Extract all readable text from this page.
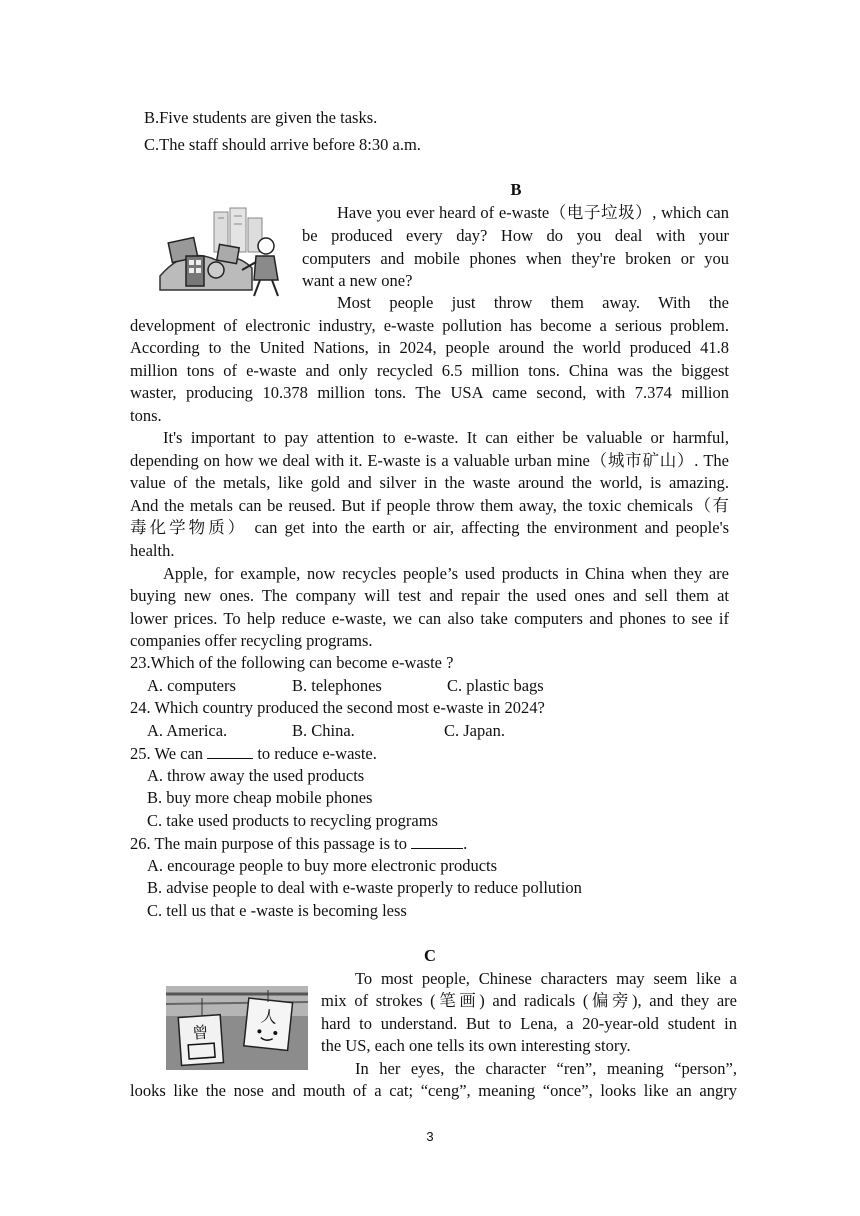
B.Five students are given the tasks.
C.The staff should arrive before 8:30 a.m.
B
Have you ever heard of e-waste（电子垃圾）, which can
be produced every day? How do you deal with your
computers and mobile phones when they're broken or you
want a new one?
Most people just throw them away. With the
development of electronic industry, e-waste pollution has become a serious problem.
According to the United Nations, in 2024, people around the world produced 41.8
million tons of e-waste and only recycled 6.5 million tons. China was the biggest
waster, producing 10.378 million tons. The USA came second, with 7.374 million
tons.
It's important to pay attention to e-waste. It can either be valuable or harmful,
depending on how we deal with it. E-waste is a valuable urban mine（城市矿山）. The
value of the metals, like gold and silver in the waste around the world, is amazing.
And the metals can be reused. But if people throw them away, the toxic chemicals（有
毒化学物质） can get into the earth or air, affecting the environment and people's
health.
Apple, for example, now recycles people’s used products in China when they are
buying new ones. The company will test and repair the used ones and sell them at
lower prices. To help reduce e-waste, we can also take computers and phones to see if
companies offer recycling programs.
23.Which of the following can become e-waste ?
A. computers	B. telephones	C. plastic bags
24. Which country produced the second most e-waste in 2024?
A. America.	B. China.	C. Japan.
25. We can	to reduce e-waste.
A. throw away the used products
B. buy more cheap mobile phones
C. take used products to recycling programs
26. The main purpose of this passage is to	.
A. encourage people to buy more electronic products
B. advise people to deal with e-waste properly to reduce pollution
C. tell us that e -waste is becoming less
C
曾
人
To most people, Chinese characters may seem like a
mix of strokes (笔画) and radicals (偏旁), and they are
hard to understand. But to Lena, a 20-year-old student in
the US, each one tells its own interesting story.
In her eyes, the character “ren”, meaning “person”,
looks like the nose and mouth of a cat; “ceng”, meaning “once”, looks like an angry
3
